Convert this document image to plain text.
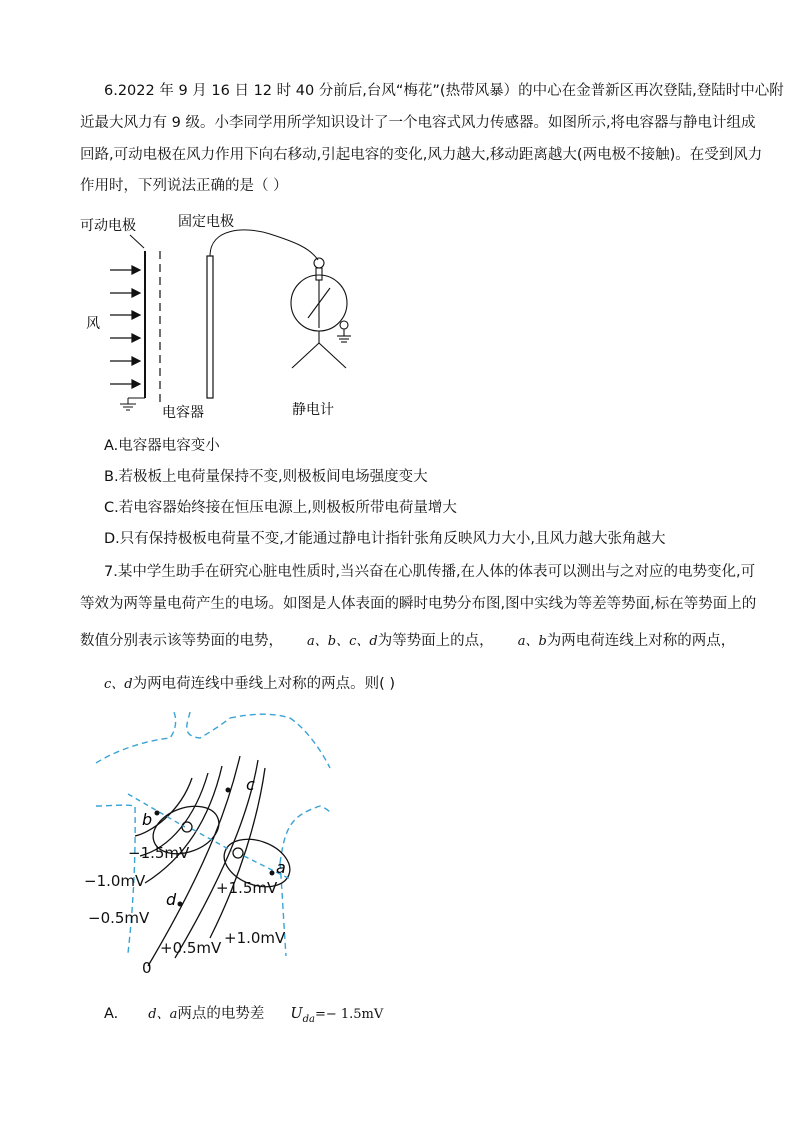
6.2022 年 9 月 16 日 12 时 40 分前后,台风“梅花”(热带风暴）的中心在金普新区再次登陆,登陆时中心附
近最大风力有 9 级。小李同学用所学知识设计了一个电容式风力传感器。如图所示,将电容器与静电计组成
回路,可动电极在风力作用下向右移动,引起电容的变化,风力越大,移动距离越大(两电极不接触)。在受到风力
作用时，下列说法正确的是（ ）
可动电极	固定电极
风
电容器	静电计
A.电容器电容变小
B.若极板上电荷量保持不变,则极板间电场强度变大
C.若电容器始终接在恒压电源上,则极板所带电荷量增大
D.只有保持极板电荷量不变,才能通过静电计指针张角反映风力大小,且风力越大张角越大
7.某中学生助手在研究心脏电性质时,当兴奋在心肌传播,在人体的体表可以测出与之对应的电势变化,可
等效为两等量电荷产生的电场。如图是人体表面的瞬时电势分布图,图中实线为等差等势面,标在等势面上的
数值分别表示该等势面的电势， a、b、c、d为等势面上的点， a、b为两电荷连线上对称的两点，
c、d为两电荷连线中垂线上对称的两点。则( )
b
a
c
d
−1.5mV
−1.0mV
−0.5mV
+1.5mV
+1.0mV
+0.5mV
0
A. d、a两点的电势差 $U_{da}=- 1.5mV$
